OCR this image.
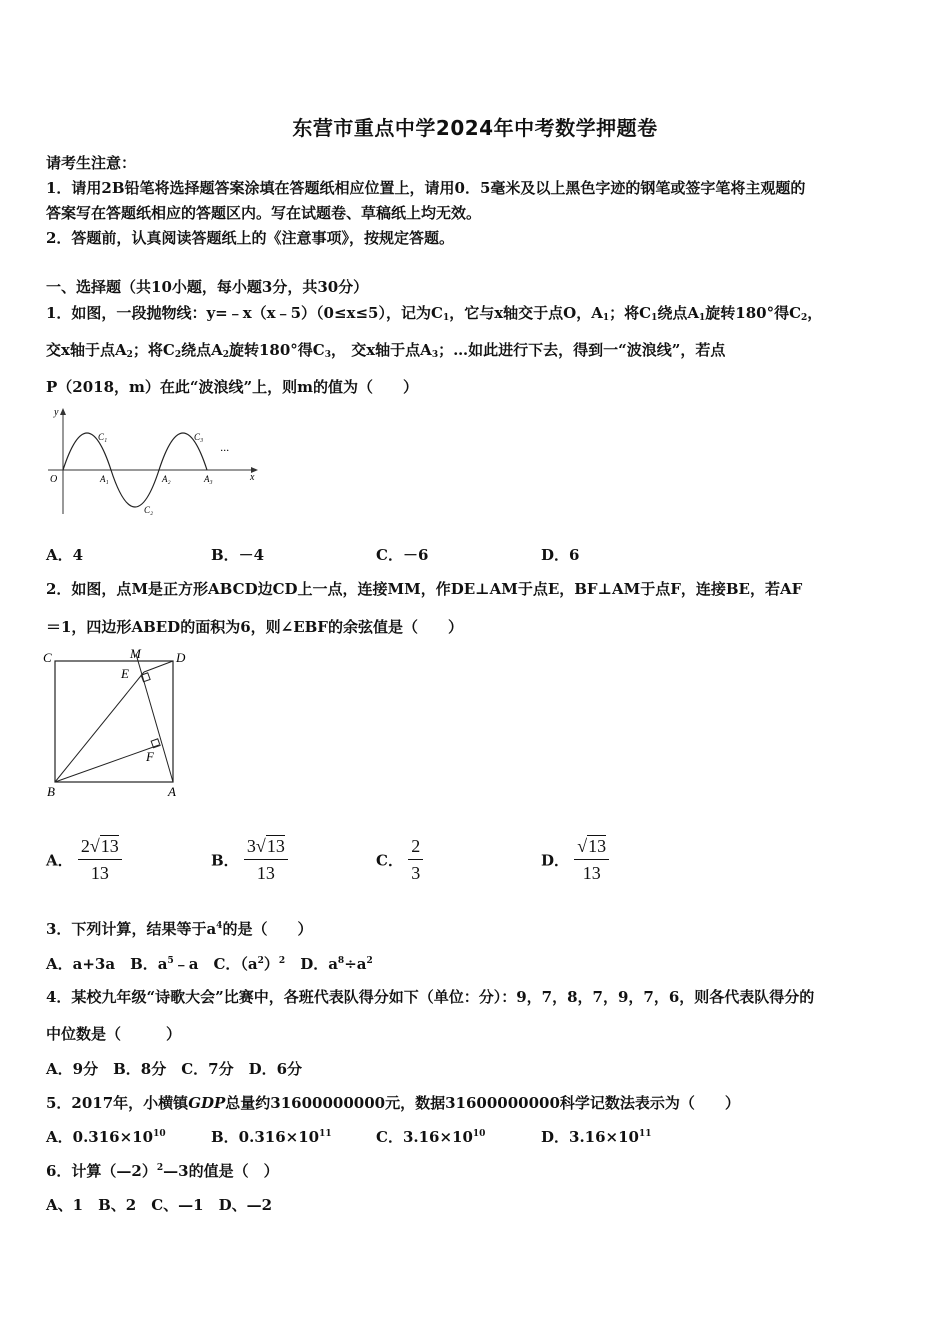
东营市重点中学2024年中考数学押题卷
请考生注意：
1．请用2B铅笔将选择题答案涂填在答题纸相应位置上，请用0．5毫米及以上黑色字迹的钢笔或签字笔将主观题的
答案写在答题纸相应的答题区内。写在试题卷、草稿纸上均无效。
2．答题前，认真阅读答题纸上的《注意事项》，按规定答题。
一、选择题（共10小题，每小题3分，共30分）
1．如图，一段抛物线：y=﹣x（x﹣5）（0≤x≤5），记为$C_1$，它与x轴交于点O，$A_1$；将$C_1$绕点$A_1$旋转180°得$C_2$，
交x轴于点$A_2$；将$C_2$绕点$A_2$旋转180°得$C_3$， 交x轴于点$A_3$；…如此进行下去，得到一“波浪线”，若点
P（2018，m）在此“波浪线”上，则m的值为（　　）
y
x
O	A₁	A₂	A₃
C₁
C₂
C₃
···
A．4	B．－4	C．－6	D．6
2．如图，点M是正方形ABCD边CD上一点，连接MM，作DE⊥AM于点E，BF⊥AM于点F，连接BE，若AF
＝1，四边形ABED的面积为6，则∠EBF的余弦值是（　　）
C	M	D
E
F
B	A
A． $\frac{2√13}{13}$	B． $\frac{3√13}{13}$	C． $\frac{2}{3}$	D． $\frac{√13}{13}$
3．下列计算，结果等于$a^4$的是（　　）
A．a+3a　B．$a^5﹣a$　C．$(a^2)^2$　D．$a^8\div a^2$
4．某校九年级“诗歌大会”比赛中，各班代表队得分如下（单位：分）：9，7，8，7，9，7，6，则各代表队得分的
中位数是（　　　）
A．9分　B．8分　C．7分　D．6分
5．2017年，小横镇GDP总量约31600000000元，数据31600000000科学记数法表示为（　　）
A．$0.316\times 10^{10}$	B．$0.316\times 10^{11}$	C．$3.16\times 10^{10}$	D．$3.16\times 10^{11}$
6．计算（—2）$^2$—3的值是（　）
A、1　B、2　C、—1　D、—2
